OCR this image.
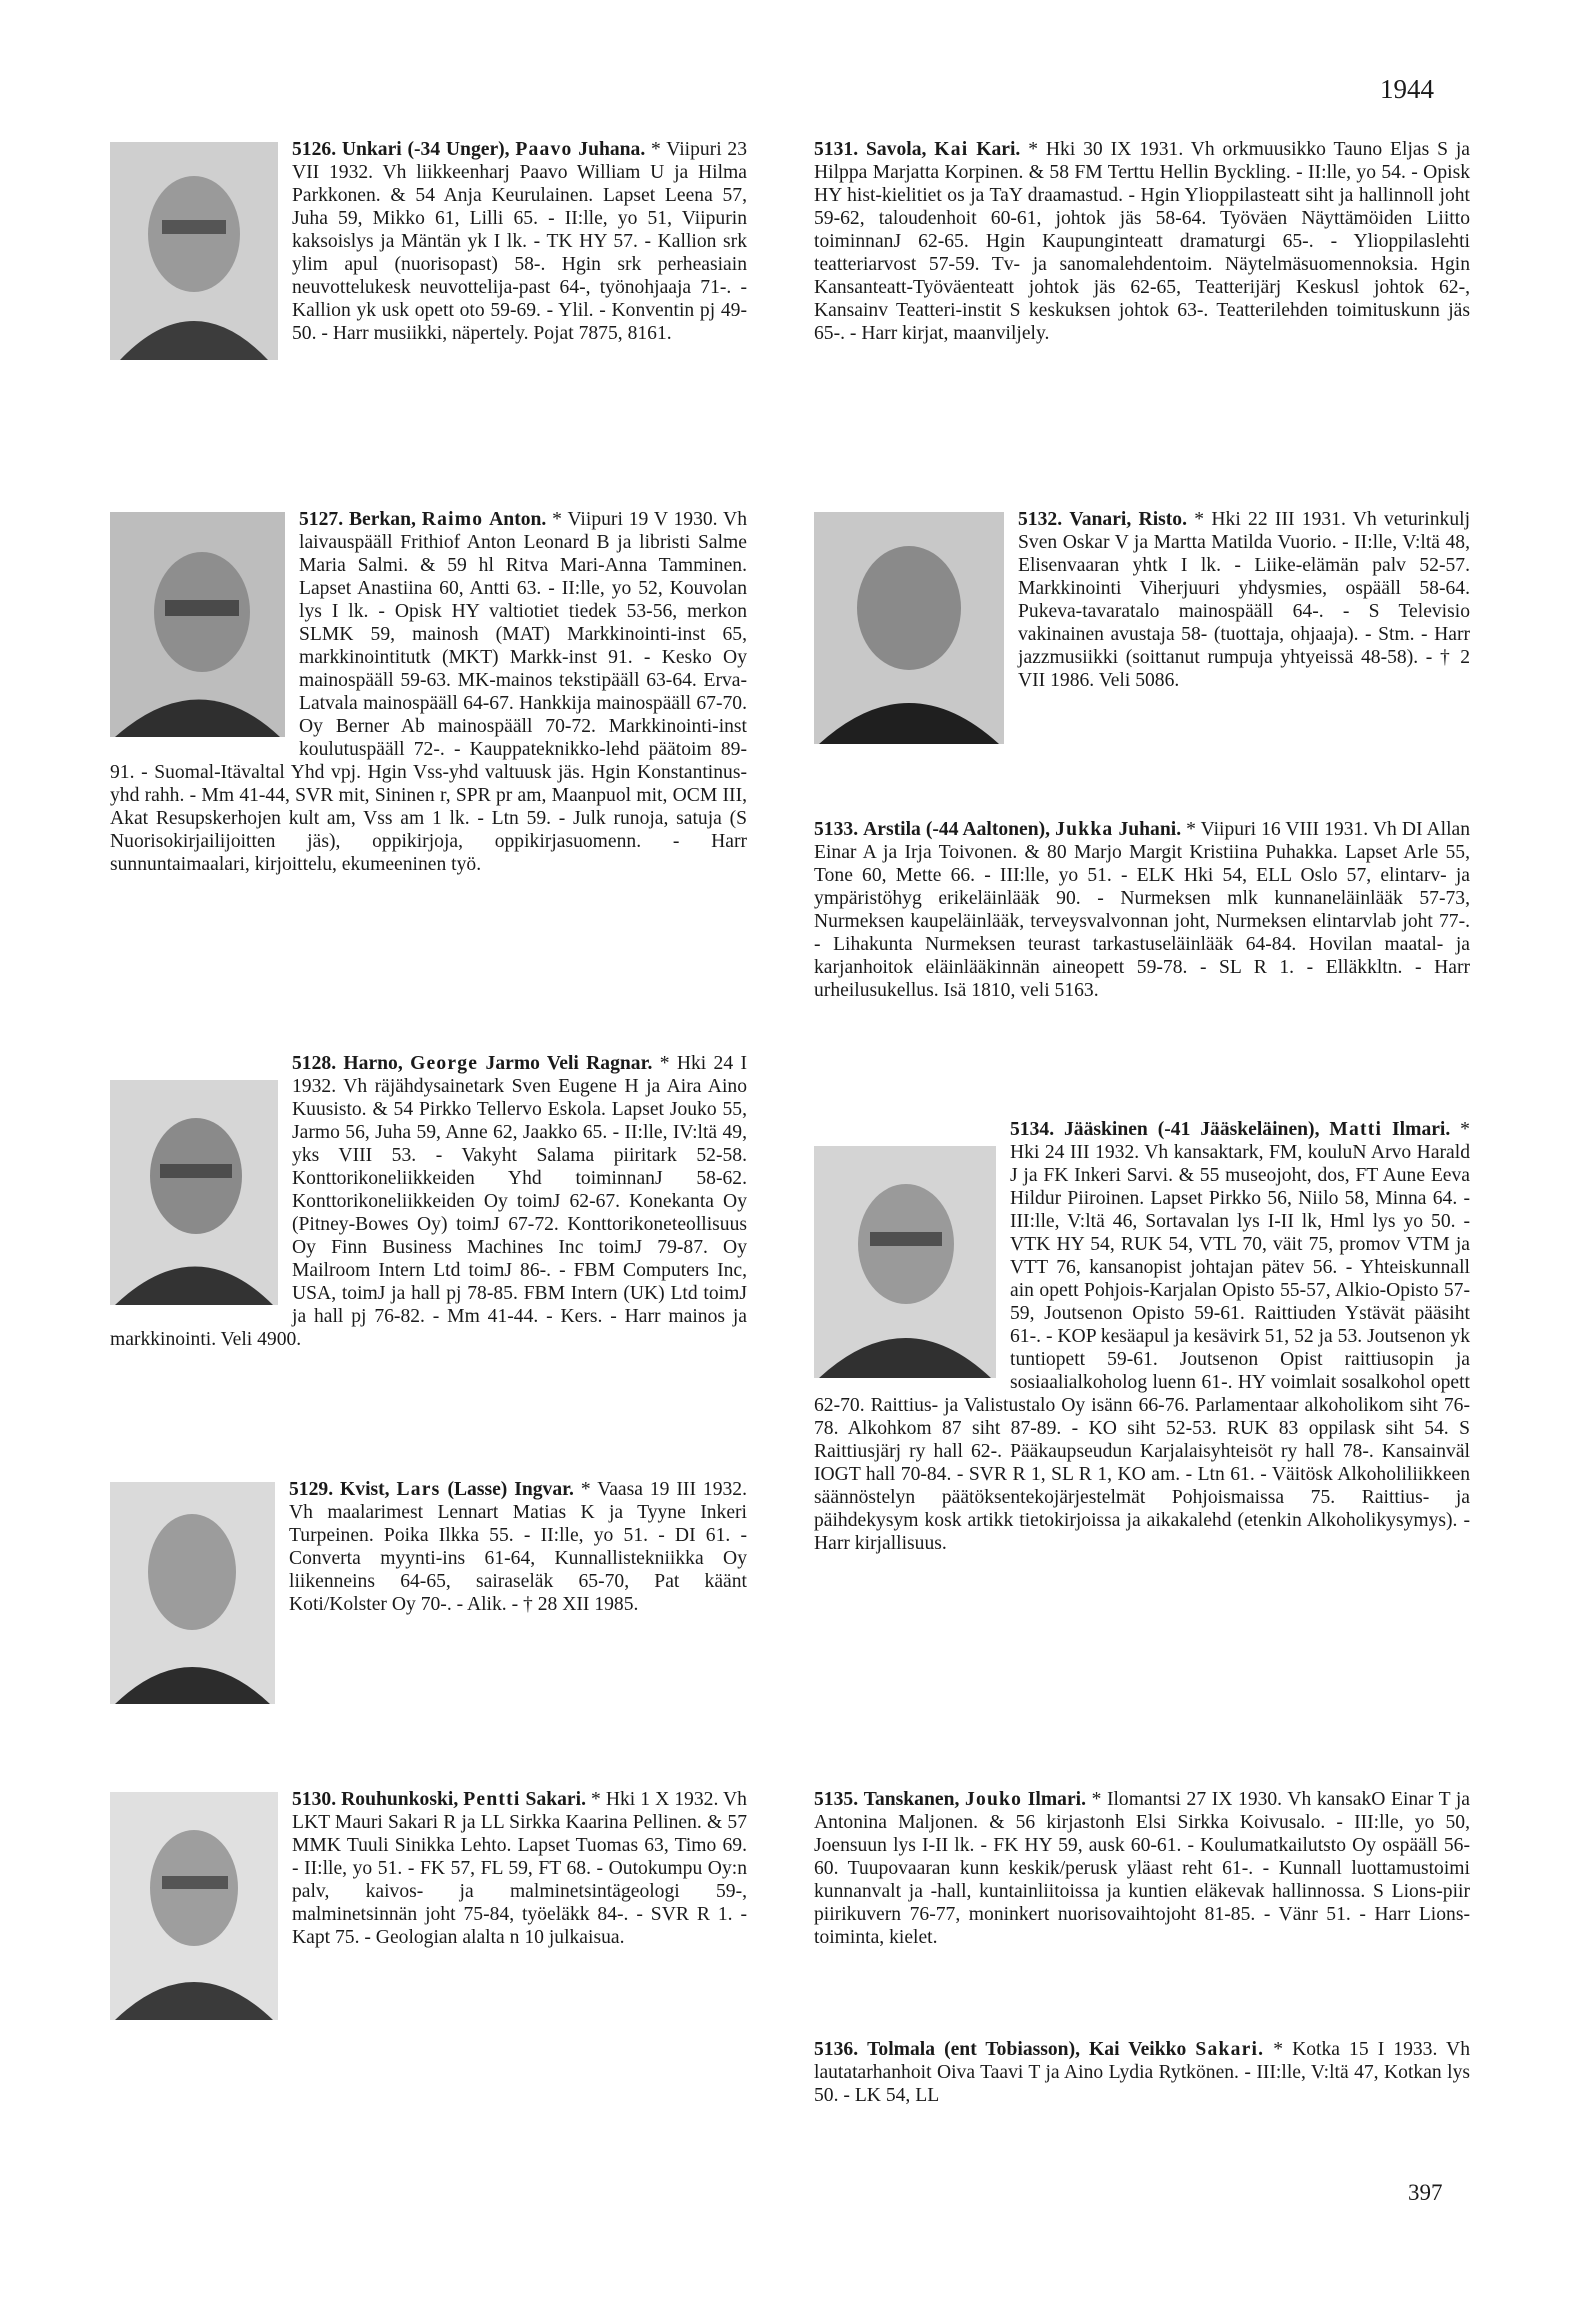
1944
5126. Unkari (-34 Unger), Paavo Juhana. * Viipuri 23 VII 1932. Vh liikkeenharj Paavo William U ja Hilma Parkkonen. & 54 Anja Keurulainen. Lapset Leena 57, Juha 59, Mikko 61, Lilli 65. - II:lle, yo 51, Viipurin kaksoislys ja Mäntän yk I lk. - TK HY 57. - Kallion srk ylim apul (nuorisopast) 58-. Hgin srk perheasiain neuvottelukesk neuvottelija-past 64-, työnohjaaja 71-. - Kallion yk usk opett oto 59-69. - Ylil. - Konventin pj 49-50. - Harr musiikki, näpertely. Pojat 7875, 8161.
5127. Berkan, Raimo Anton. * Viipuri 19 V 1930. Vh laivauspääll Frithiof Anton Leonard B ja libristi Salme Maria Salmi. & 59 hl Ritva Mari-Anna Tamminen. Lapset Anastiina 60, Antti 63. - II:lle, yo 52, Kouvolan lys I lk. - Opisk HY valtiotiet tiedek 53-56, merkon SLMK 59, mainosh (MAT) Markkinointi-inst 65, markkinointitutk (MKT) Markk-inst 91. - Kesko Oy mainospääll 59-63. MK-mainos tekstipääll 63-64. Erva-Latvala mainospääll 64-67. Hankkija mainospääll 67-70. Oy Berner Ab mainospääll 70-72. Markkinointi-inst koulutuspääll 72-. - Kauppateknikko-lehd päätoim 89-91. - Suomal-Itävaltal Yhd vpj. Hgin Vss-yhd valtuusk jäs. Hgin Konstantinus-yhd rahh. - Mm 41-44, SVR mit, Sininen r, SPR pr am, Maanpuol mit, OCM III, Akat Resupskerhojen kult am, Vss am 1 lk. - Ltn 59. - Julk runoja, satuja (S Nuorisokirjailijoitten jäs), oppikirjoja, oppikirjasuomenn. - Harr sunnuntaimaalari, kirjoittelu, ekumeeninen työ.
5128. Harno, George Jarmo Veli Ragnar. * Hki 24 I 1932. Vh räjähdysainetark Sven Eugene H ja Aira Aino Kuusisto. & 54 Pirkko Tellervo Eskola. Lapset Jouko 55, Jarmo 56, Juha 59, Anne 62, Jaakko 65. - II:lle, IV:ltä 49, yks VIII 53. - Vakyht Salama piiritark 52-58. Konttorikoneliikkeiden Yhd toiminnanJ 58-62. Konttorikoneliikkeiden Oy toimJ 62-67. Konekanta Oy (Pitney-Bowes Oy) toimJ 67-72. Konttorikoneteollisuus Oy Finn Business Machines Inc toimJ 79-87. Oy Mailroom Intern Ltd toimJ 86-. - FBM Computers Inc, USA, toimJ ja hall pj 78-85. FBM Intern (UK) Ltd toimJ ja hall pj 76-82. - Mm 41-44. - Kers. - Harr mainos ja markkinointi. Veli 4900.
5129. Kvist, Lars (Lasse) Ingvar. * Vaasa 19 III 1932. Vh maalarimest Lennart Matias K ja Tyyne Inkeri Turpeinen. Poika Ilkka 55. - II:lle, yo 51. - DI 61. - Converta myynti-ins 61-64, Kunnallistekniikka Oy liikenneins 64-65, sairaseläk 65-70, Pat käänt Koti/Kolster Oy 70-. - Alik. - † 28 XII 1985.
5130. Rouhunkoski, Pentti Sakari. * Hki 1 X 1932. Vh LKT Mauri Sakari R ja LL Sirkka Kaarina Pellinen. & 57 MMK Tuuli Sinikka Lehto. Lapset Tuomas 63, Timo 69. - II:lle, yo 51. - FK 57, FL 59, FT 68. - Outokumpu Oy:n palv, kaivos- ja malminetsintägeologi 59-, malminetsinnän joht 75-84, työeläkk 84-. - SVR R 1. - Kapt 75. - Geologian alalta n 10 julkaisua.
5131. Savola, Kai Kari. * Hki 30 IX 1931. Vh orkmuusikko Tauno Eljas S ja Hilppa Marjatta Korpinen. & 58 FM Terttu Hellin Byckling. - II:lle, yo 54. - Opisk HY hist-kielitiet os ja TaY draamastud. - Hgin Ylioppilasteatt siht ja hallinnoll joht 59-62, taloudenhoit 60-61, johtok jäs 58-64. Työväen Näyttämöiden Liitto toiminnanJ 62-65. Hgin Kaupunginteatt dramaturgi 65-. - Ylioppilaslehti teatteriarvost 57-59. Tv- ja sanomalehdentoim. Näytelmäsuomennoksia. Hgin Kansanteatt-Työväenteatt johtok jäs 62-65, Teatterijärj Keskusl johtok 62-, Kansainv Teatteri-instit S keskuksen johtok 63-. Teatterilehden toimituskunn jäs 65-. - Harr kirjat, maanviljely.
5132. Vanari, Risto. * Hki 22 III 1931. Vh veturinkulj Sven Oskar V ja Martta Matilda Vuorio. - II:lle, V:ltä 48, Elisenvaaran yhtk I lk. - Liike-elämän palv 52-57. Markkinointi Viherjuuri yhdysmies, ospääll 58-64. Pukeva-tavaratalo mainospääll 64-. - S Televisio vakinainen avustaja 58- (tuottaja, ohjaaja). - Stm. - Harr jazzmusiikki (soittanut rumpuja yhtyeissä 48-58). - † 2 VII 1986. Veli 5086.
5133. Arstila (-44 Aaltonen), Jukka Juhani. * Viipuri 16 VIII 1931. Vh DI Allan Einar A ja Irja Toivonen. & 80 Marjo Margit Kristiina Puhakka. Lapset Arle 55, Tone 60, Mette 66. - III:lle, yo 51. - ELK Hki 54, ELL Oslo 57, elintarv- ja ympäristöhyg erikeläinlääk 90. - Nurmeksen mlk kunnaneläinlääk 57-73, Nurmeksen kaupeläinlääk, terveysvalvonnan joht, Nurmeksen elintarvlab joht 77-. - Lihakunta Nurmeksen teurast tarkastuseläinlääk 64-84. Hovilan maatal- ja karjanhoitok eläinlääkinnän aineopett 59-78. - SL R 1. - Elläkkltn. - Harr urheilusukellus. Isä 1810, veli 5163.
5134. Jääskinen (-41 Jääskeläinen), Matti Ilmari. * Hki 24 III 1932. Vh kansaktark, FM, kouluN Arvo Harald J ja FK Inkeri Sarvi. & 55 museojoht, dos, FT Aune Eeva Hildur Piiroinen. Lapset Pirkko 56, Niilo 58, Minna 64. - III:lle, V:ltä 46, Sortavalan lys I-II lk, Hml lys yo 50. - VTK HY 54, RUK 54, VTL 70, väit 75, promov VTM ja VTT 76, kansanopist johtajan pätev 56. - Yhteiskunnall ain opett Pohjois-Karjalan Opisto 55-57, Alkio-Opisto 57-59, Joutsenon Opisto 59-61. Raittiuden Ystävät pääsiht 61-. - KOP kesäapul ja kesävirk 51, 52 ja 53. Joutsenon yk tuntiopett 59-61. Joutsenon Opist raittiusopin ja sosiaalialkoholog luenn 61-. HY voimlait sosalkohol opett 62-70. Raittius- ja Valistustalo Oy isänn 66-76. Parlamentaar alkoholikom siht 76-78. Alkohkom 87 siht 87-89. - KO siht 52-53. RUK 83 oppilask siht 54. S Raittiusjärj ry hall 62-. Pääkaupseudun Karjalaisyhteisöt ry hall 78-. Kansainväl IOGT hall 70-84. - SVR R 1, SL R 1, KO am. - Ltn 61. - Väitösk Alkoholiliikkeen säännöstelyn päätöksentekojärjestelmät Pohjoismaissa 75. Raittius- ja päihdekysym kosk artikk tietokirjoissa ja aikakalehd (etenkin Alkoholikysymys). - Harr kirjallisuus.
5135. Tanskanen, Jouko Ilmari. * Ilomantsi 27 IX 1930. Vh kansakO Einar T ja Antonina Maljonen. & 56 kirjastonh Elsi Sirkka Koivusalo. - III:lle, yo 50, Joensuun lys I-II lk. - FK HY 59, ausk 60-61. - Koulumatkailutsto Oy ospääll 56-60. Tuupovaaran kunn keskik/perusk yläast reht 61-. - Kunnall luottamustoimi kunnanvalt ja -hall, kuntainliitoissa ja kuntien eläkevak hallinnossa. S Lions-piir piirikuvern 76-77, moninkert nuorisovaihtojoht 81-85. - Vänr 51. - Harr Lions-toiminta, kielet.
5136. Tolmala (ent Tobiasson), Kai Veikko Sakari. * Kotka 15 I 1933. Vh lautatarhanhoit Oiva Taavi T ja Aino Lydia Rytkönen. - III:lle, V:ltä 47, Kotkan lys 50. - LK 54, LL
397
